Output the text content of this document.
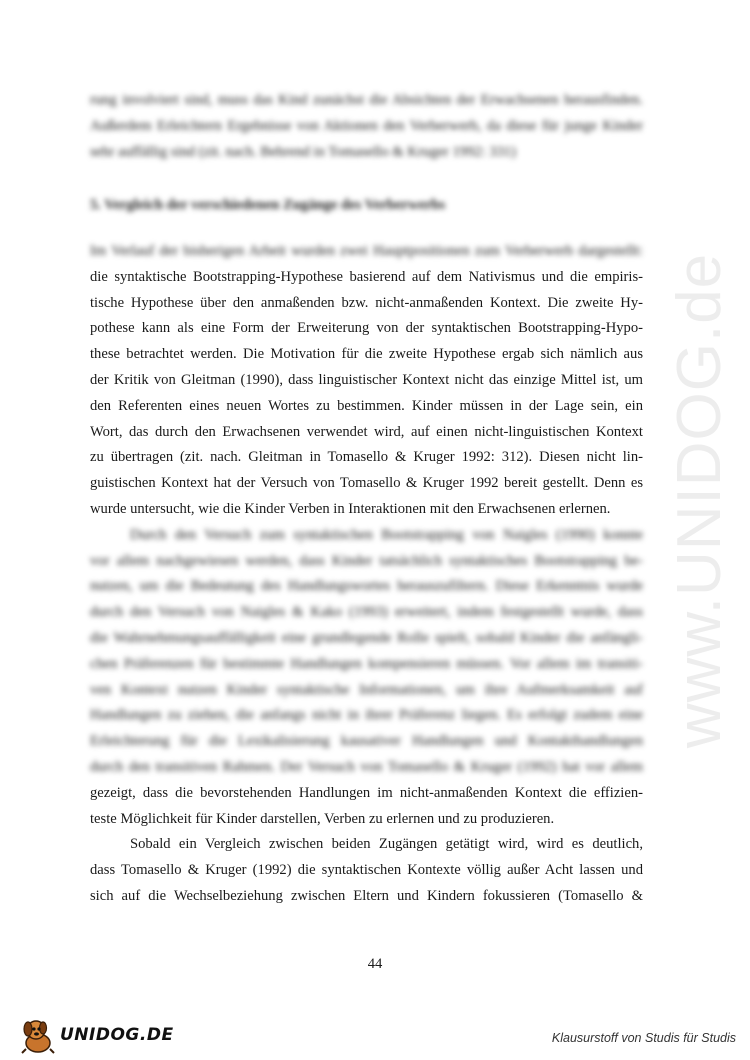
www.UNIDOG.de
rung involviert sind, muss das Kind zunächst die Absichten der Erwachsenen herausfinden.
Außerdem Erleichtern Ergebnisse von Aktionen den Verberwerb, da diese für junge Kinder
sehr auffällig sind (zit. nach. Behrend in Tomasello & Kruger 1992: 331)
5. Vergleich der verschiedenen Zugänge des Verberwerbs
Im Verlauf der bisherigen Arbeit wurden zwei Hauptpositionen zum Verberwerb dargestellt:
die syntaktische Bootstrapping-Hypothese basierend auf dem Nativismus und die empiris-
tische Hypothese über den anmaßenden bzw. nicht-anmaßenden Kontext. Die zweite Hy-
pothese kann als eine Form der Erweiterung von der syntaktischen Bootstrapping-Hypo-
these betrachtet werden. Die Motivation für die zweite Hypothese ergab sich nämlich aus
der Kritik von Gleitman (1990), dass linguistischer Kontext nicht das einzige Mittel ist, um
den Referenten eines neuen Wortes zu bestimmen. Kinder müssen in der Lage sein, ein
Wort, das durch den Erwachsenen verwendet wird, auf einen nicht-linguistischen Kontext
zu übertragen (zit. nach. Gleitman in Tomasello & Kruger 1992: 312). Diesen nicht lin-
guistischen Kontext hat der Versuch von Tomasello & Kruger 1992 bereit gestellt. Denn es
wurde untersucht, wie die Kinder Verben in Interaktionen mit den Erwachsenen erlernen.
Durch den Versuch zum syntaktischen Bootstrapping von Naigles (1990) konnte
vor allem nachgewiesen werden, dass Kinder tatsächlich syntaktisches Bootstrapping be-
nutzen, um die Bedeutung des Handlungswortes herauszufiltern. Diese Erkenntnis wurde
durch den Versuch von Naigles & Kako (1993) erweitert, indem festgestellt wurde, dass
die Wahrnehmungsauffälligkeit eine grundlegende Rolle spielt, sobald Kinder die anfängli-
chen Präferenzen für bestimmte Handlungen kompensieren müssen. Vor allem im transiti-
ven Kontext nutzen Kinder syntaktische Informationen, um ihre Aufmerksamkeit auf
Handlungen zu ziehen, die anfangs nicht in ihrer Präferenz liegen. Es erfolgt zudem eine
Erleichterung für die Lexikalisierung kausativer Handlungen und Kontakthandlungen
durch den transitiven Rahmen. Der Versuch von Tomasello & Kruger (1992) hat vor allem
gezeigt, dass die bevorstehenden Handlungen im nicht-anmaßenden Kontext die effizien-
teste Möglichkeit für Kinder darstellen, Verben zu erlernen und zu produzieren.
Sobald ein Vergleich zwischen beiden Zugängen getätigt wird, wird es deutlich,
dass Tomasello & Kruger (1992) die syntaktischen Kontexte völlig außer Acht lassen und
sich auf die Wechselbeziehung zwischen Eltern und Kindern fokussieren (Tomasello &
44
UNIDOG.DE	Klausurstoff von Studis für Studis
